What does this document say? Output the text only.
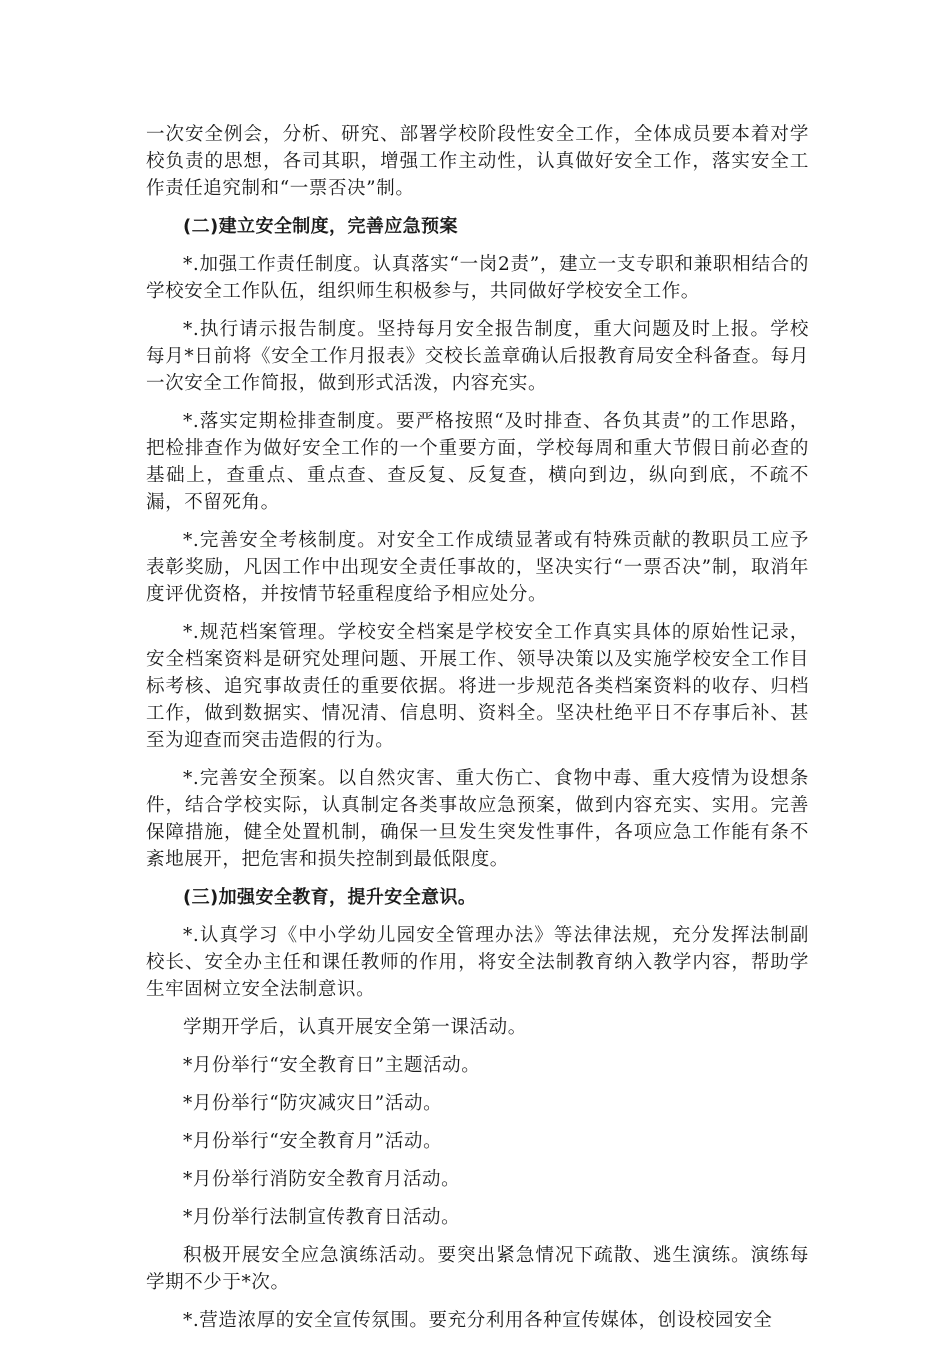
一次安全例会，分析、研究、部署学校阶段性安全工作，全体成员要本着对学校负责的思想，各司其职，增强工作主动性，认真做好安全工作，落实安全工作责任追究制和“一票否决”制。

(二)建立安全制度，完善应急预案

*.加强工作责任制度。认真落实“一岗2责”，建立一支专职和兼职相结合的学校安全工作队伍，组织师生积极参与，共同做好学校安全工作。

*.执行请示报告制度。坚持每月安全报告制度，重大问题及时上报。学校每月*日前将《安全工作月报表》交校长盖章确认后报教育局安全科备查。每月一次安全工作简报，做到形式活泼，内容充实。

*.落实定期检排查制度。要严格按照“及时排查、各负其责”的工作思路，把检排查作为做好安全工作的一个重要方面，学校每周和重大节假日前必查的基础上，查重点、重点查、查反复、反复查，横向到边，纵向到底，不疏不漏，不留死角。

*.完善安全考核制度。对安全工作成绩显著或有特殊贡献的教职员工应予表彰奖励，凡因工作中出现安全责任事故的，坚决实行“一票否决”制，取消年度评优资格，并按情节轻重程度给予相应处分。

*.规范档案管理。学校安全档案是学校安全工作真实具体的原始性记录，安全档案资料是研究处理问题、开展工作、领导决策以及实施学校安全工作目标考核、追究事故责任的重要依据。将进一步规范各类档案资料的收存、归档工作，做到数据实、情况清、信息明、资料全。坚决杜绝平日不存事后补、甚至为迎查而突击造假的行为。

*.完善安全预案。以自然灾害、重大伤亡、食物中毒、重大疫情为设想条件，结合学校实际，认真制定各类事故应急预案，做到内容充实、实用。完善保障措施，健全处置机制，确保一旦发生突发性事件，各项应急工作能有条不紊地展开，把危害和损失控制到最低限度。

(三)加强安全教育，提升安全意识。

*.认真学习《中小学幼儿园安全管理办法》等法律法规，充分发挥法制副校长、安全办主任和课任教师的作用，将安全法制教育纳入教学内容，帮助学生牢固树立安全法制意识。

学期开学后，认真开展安全第一课活动。

*月份举行“安全教育日”主题活动。

*月份举行“防灾减灾日”活动。

*月份举行“安全教育月”活动。

*月份举行消防安全教育月活动。

*月份举行法制宣传教育日活动。

积极开展安全应急演练活动。要突出紧急情况下疏散、逃生演练。演练每学期不少于*次。

*.营造浓厚的安全宣传氛围。要充分利用各种宣传媒体，创设校园安全
